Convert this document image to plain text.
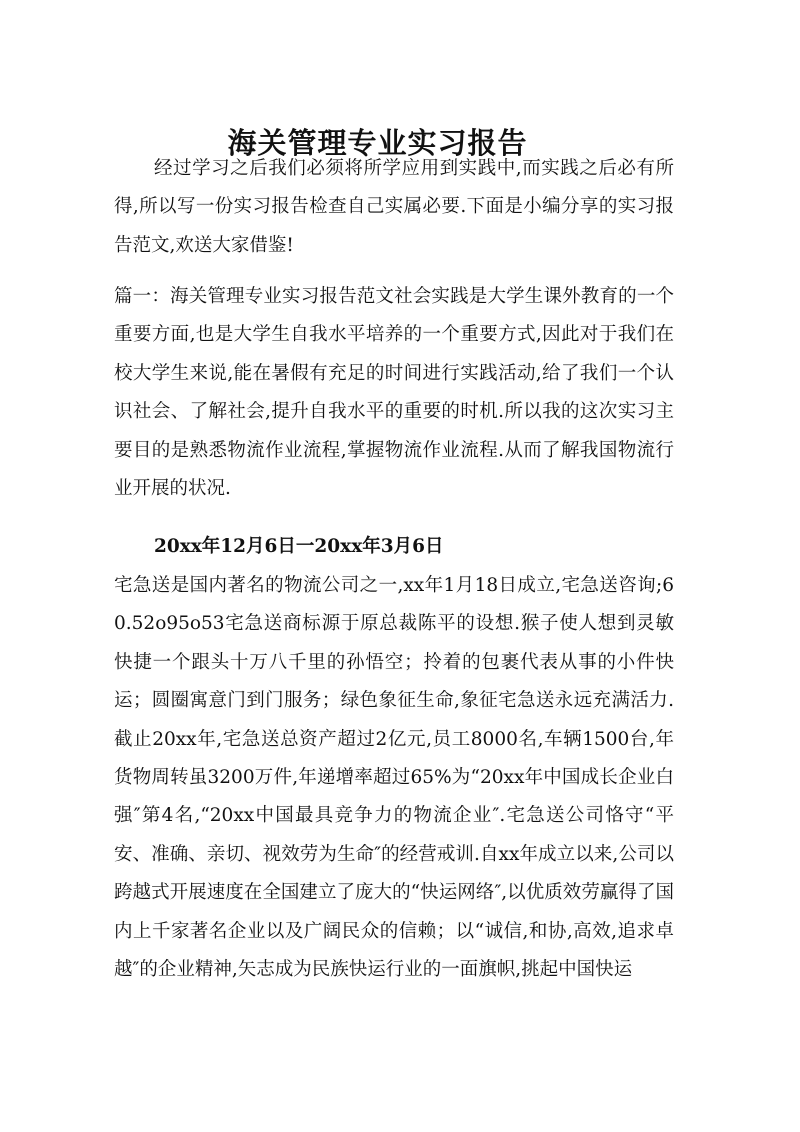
海关管理专业实习报告

经过学习之后我们必须将所学应用到实践中,而实践之后必有所得,所以写一份实习报告检查自己实属必要.下面是小编分享的实习报告范文,欢送大家借鉴!

篇一：海关管理专业实习报告范文社会实践是大学生课外教育的一个重要方面,也是大学生自我水平培养的一个重要方式,因此对于我们在校大学生来说,能在暑假有充足的时间进行实践活动,给了我们一个认识社会、了解社会,提升自我水平的重要的时机.所以我的这次实习主要目的是熟悉物流作业流程,掌握物流作业流程.从而了解我国物流行业开展的状况.

20xx年12月6日一20xx年3月6日

宅急送是国内著名的物流公司之一,xx年1月18日成立,宅急送咨询;60.52o95o53宅急送商标源于原总裁陈平的设想.猴子使人想到灵敏快捷一个跟头十万八千里的孙悟空；拎着的包裹代表从事的小件快运；圆圈寓意门到门服务；绿色象征生命,象征宅急送永远充满活力.截止20xx年,宅急送总资产超过2亿元,员工8000名,车辆1500台,年货物周转虽3200万件,年递增率超过65%为“20xx年中国成长企业白强″第4名,“20xx中国最具竞争力的物流企业″.宅急送公司恪守“平安、准确、亲切、视效劳为生命″的经营戒训.自xx年成立以来,公司以跨越式开展速度在全国建立了庞大的“快运网络″,以优质效劳赢得了国内上千家著名企业以及广阔民众的信赖；以“诚信,和协,高效,追求卓越″的企业精神,矢志成为民族快运行业的一面旗帜,挑起中国快运
